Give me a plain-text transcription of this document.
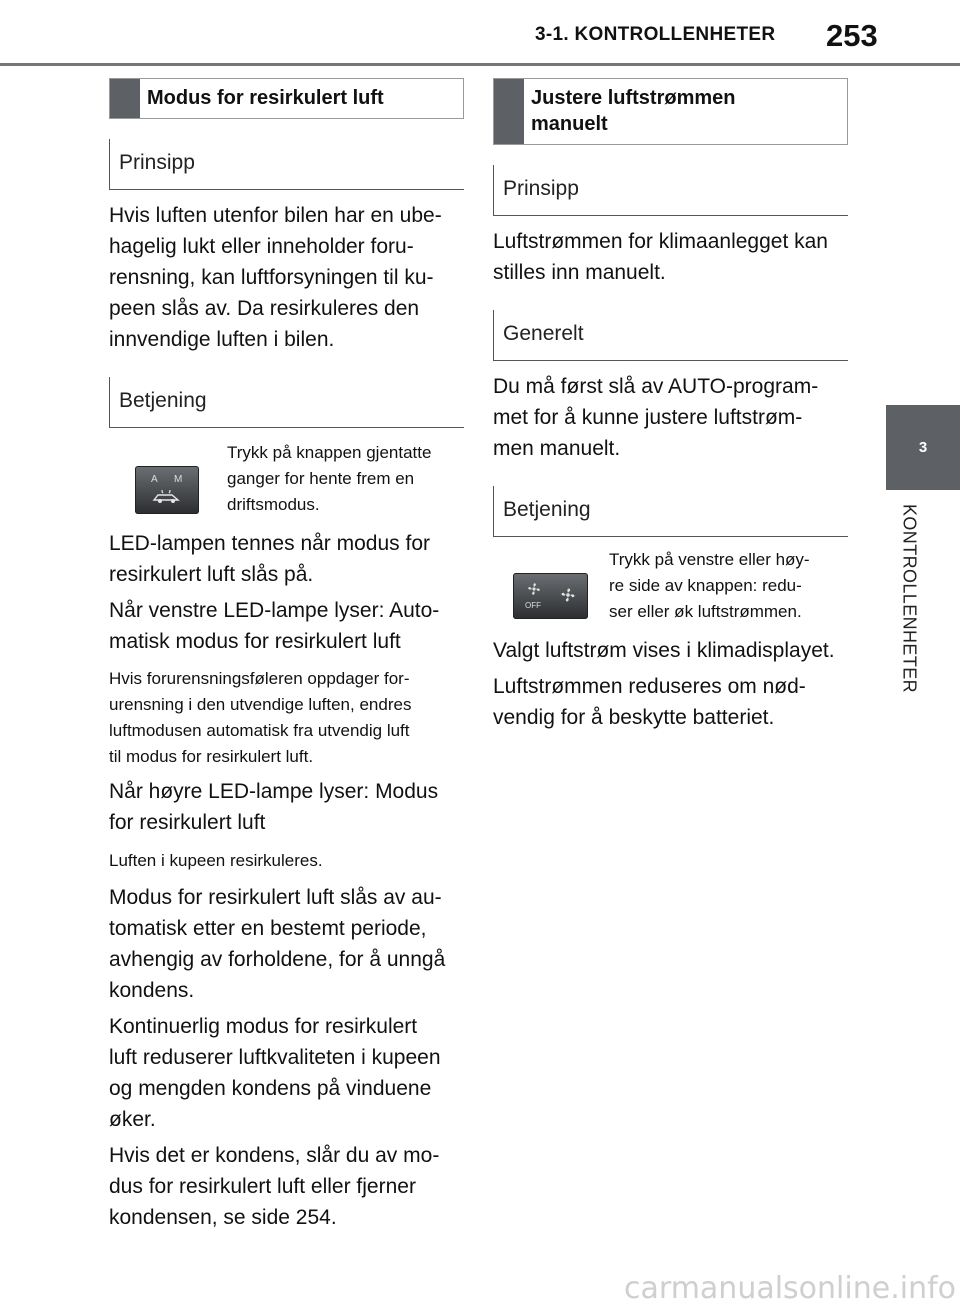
3-1. KONTROLLENHETER 253
3
KONTROLLENHETER
Modus for resirkulert luft
Prinsipp

Hvis luften utenfor bilen har en ube-
hagelig lukt eller inneholder foru-
rensning, kan luftforsyningen til ku-
peen slås av. Da resirkuleres den
innvendige luften i bilen.

Betjening
A M

Trykk på knappen gjentatte
ganger for hente frem en
driftsmodus.

LED-lampen tennes når modus for
resirkulert luft slås på.

Når venstre LED-lampe lyser: Auto-
matisk modus for resirkulert luft

Hvis forurensningsføleren oppdager for-
urensning i den utvendige luften, endres
luftmodusen automatisk fra utvendig luft
til modus for resirkulert luft.

Når høyre LED-lampe lyser: Modus
for resirkulert luft

Luften i kupeen resirkuleres.

Modus for resirkulert luft slås av au-
tomatisk etter en bestemt periode,
avhengig av forholdene, for å unngå
kondens.

Kontinuerlig modus for resirkulert
luft reduserer luftkvaliteten i kupeen
og mengden kondens på vinduene
øker.

Hvis det er kondens, slår du av mo-
dus for resirkulert luft eller fjerner
kondensen, se side 254.

Justere luftstrømmen
manuelt
Prinsipp

Luftstrømmen for klimaanlegget kan
stilles inn manuelt.

Generelt

Du må først slå av AUTO-program-
met for å kunne justere luftstrøm-
men manuelt.

Betjening
OFF

Trykk på venstre eller høy-
re side av knappen: redu-
ser eller øk luftstrømmen.

Valgt luftstrøm vises i klimadisplayet.

Luftstrømmen reduseres om nød-
vendig for å beskytte batteriet.

carmanualsonline.info
